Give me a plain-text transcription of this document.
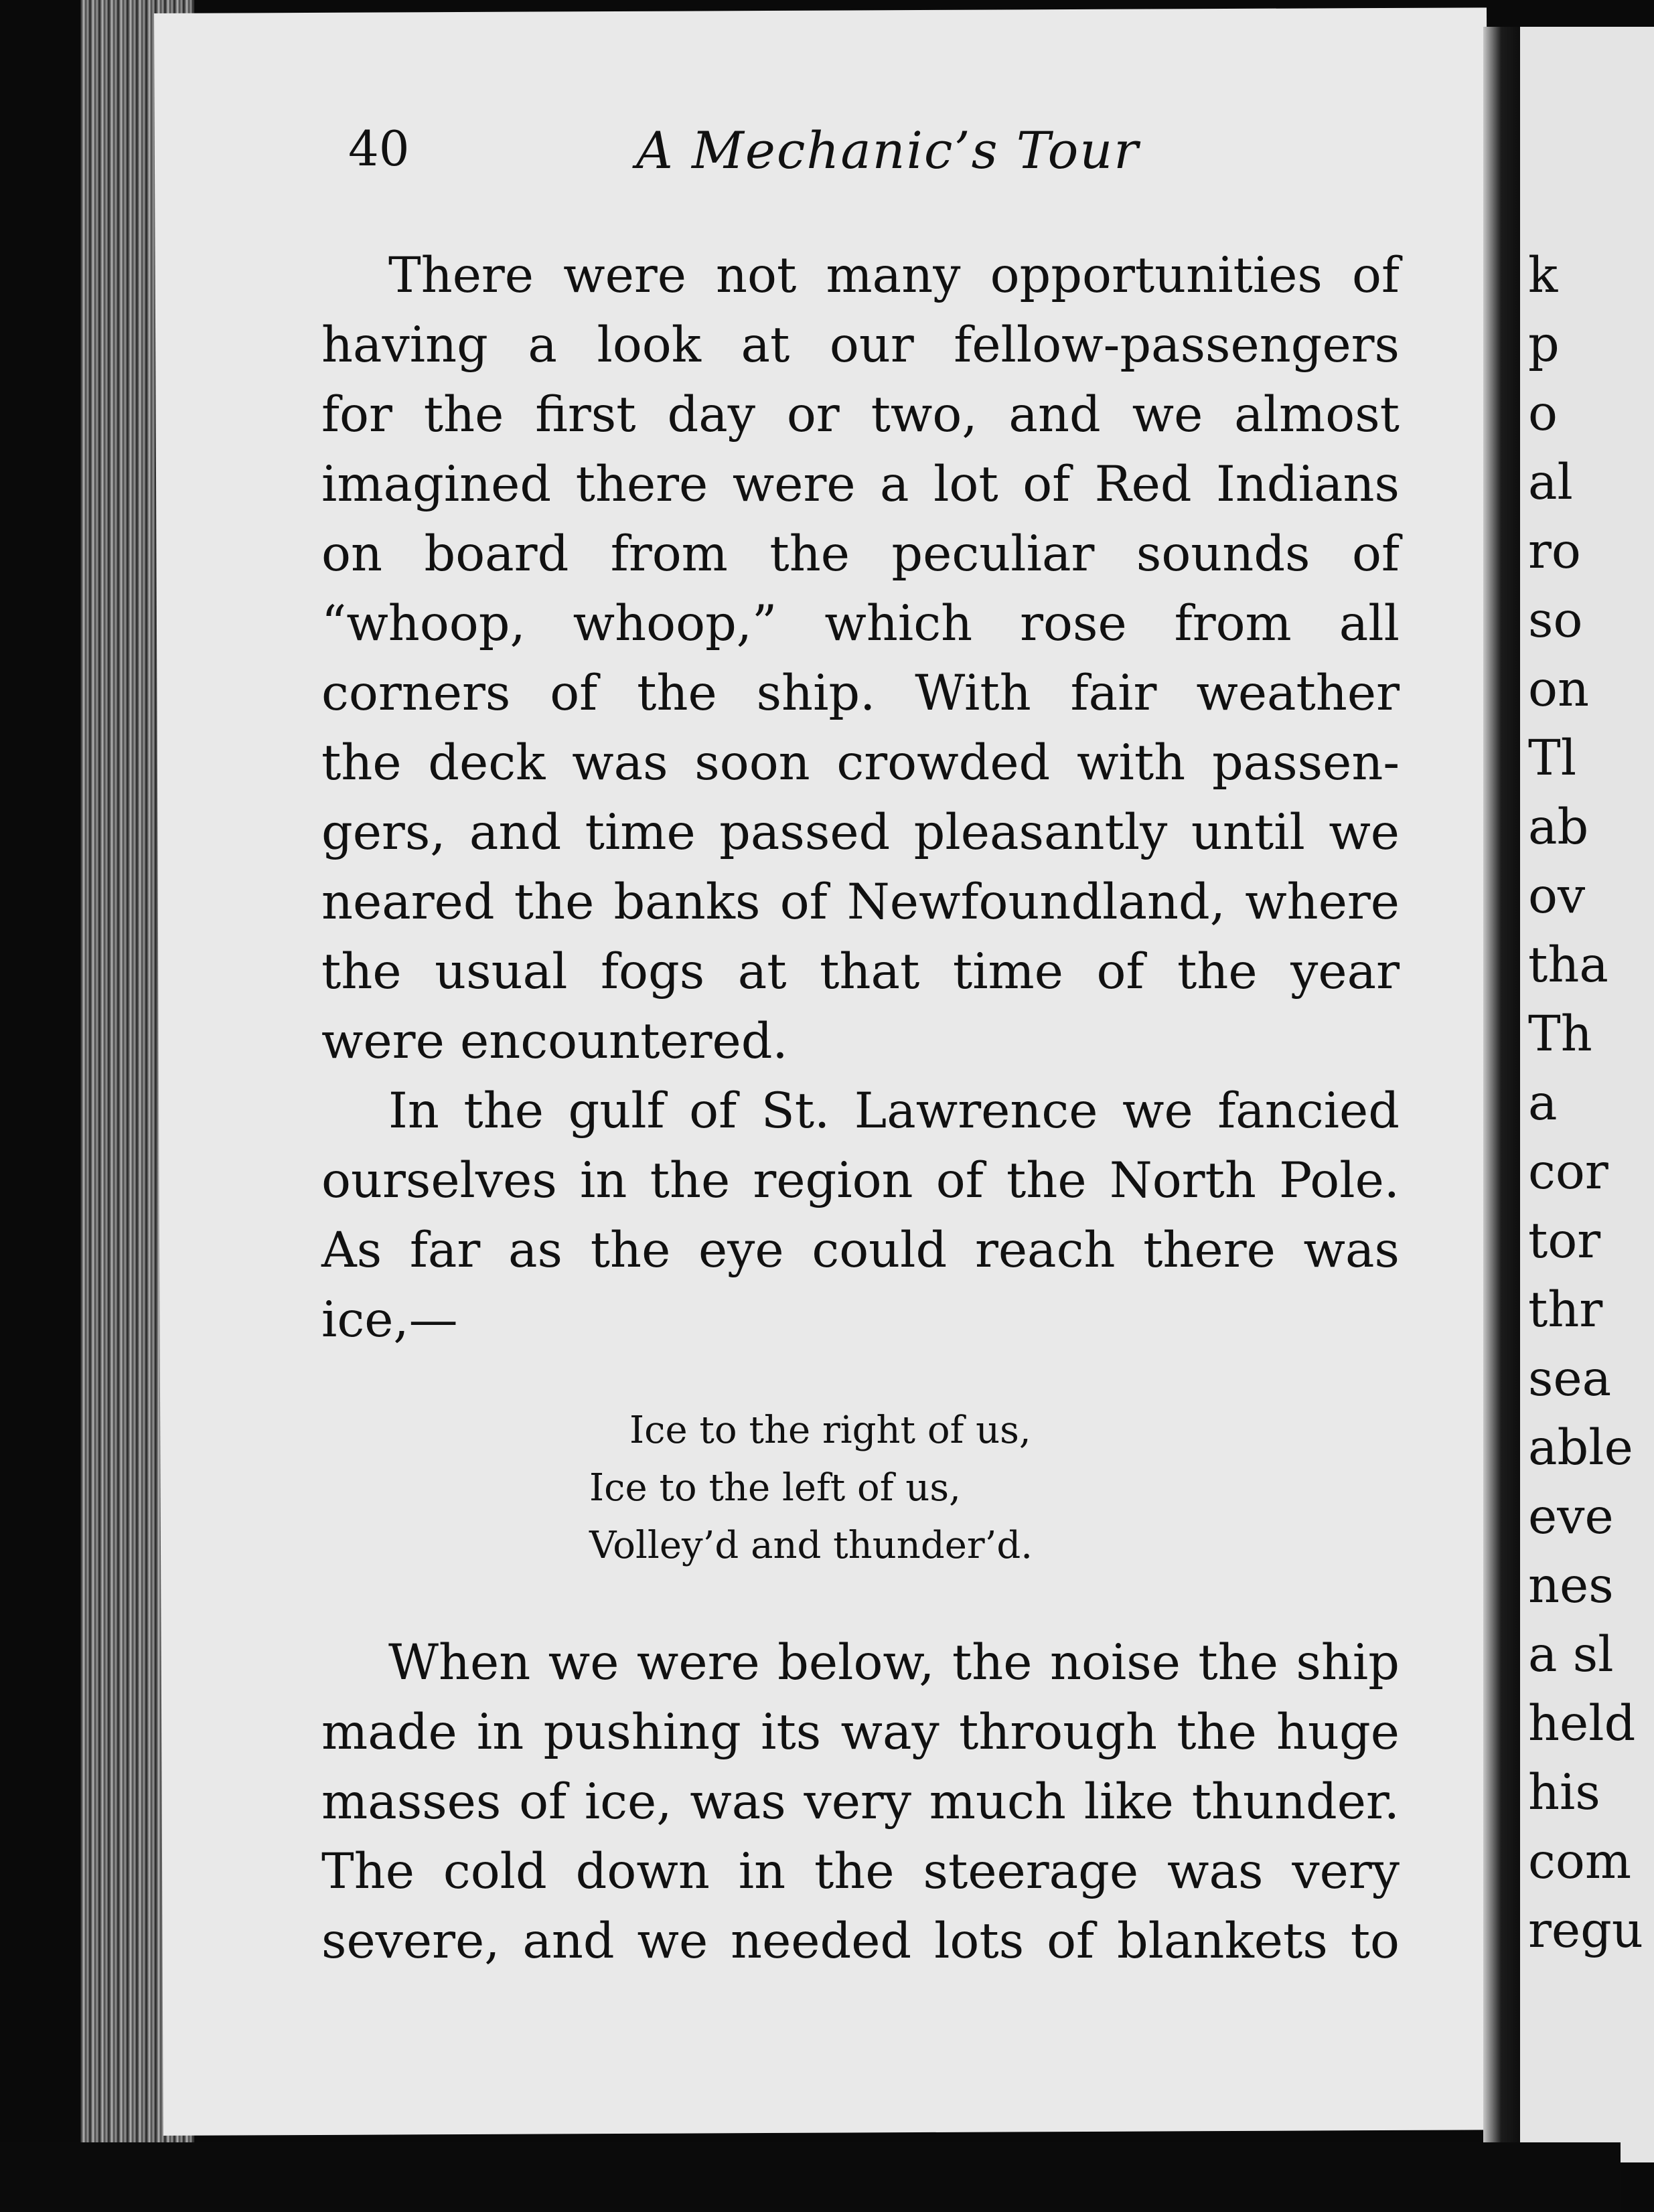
40	A Mechanic’s Tour

There were not many opportunities of
having a look at our fellow-passengers
for the first day or two, and we almost
imagined there were a lot of Red Indians
on board from the peculiar sounds of
“whoop, whoop,” which rose from all
corners of the ship. With fair weather
the deck was soon crowded with passen-
gers, and time passed pleasantly until we
neared the banks of Newfoundland, where
the usual fogs at that time of the year
were encountered.

In the gulf of St. Lawrence we fancied
ourselves in the region of the North Pole.
As far as the eye could reach there was
ice,—

Ice to the right of us,
Ice to the left of us,
Volley’d and thunder’d.

When we were below, the noise the ship
made in pushing its way through the huge
masses of ice, was very much like thunder.
The cold down in the steerage was very
severe, and we needed lots of blankets to

k
p
o
al
ro
so
on
Tl
ab
ov
tha
Th
a
cor
tor
thr
sea
able
eve
nes
a sl
held
his
com
regu
